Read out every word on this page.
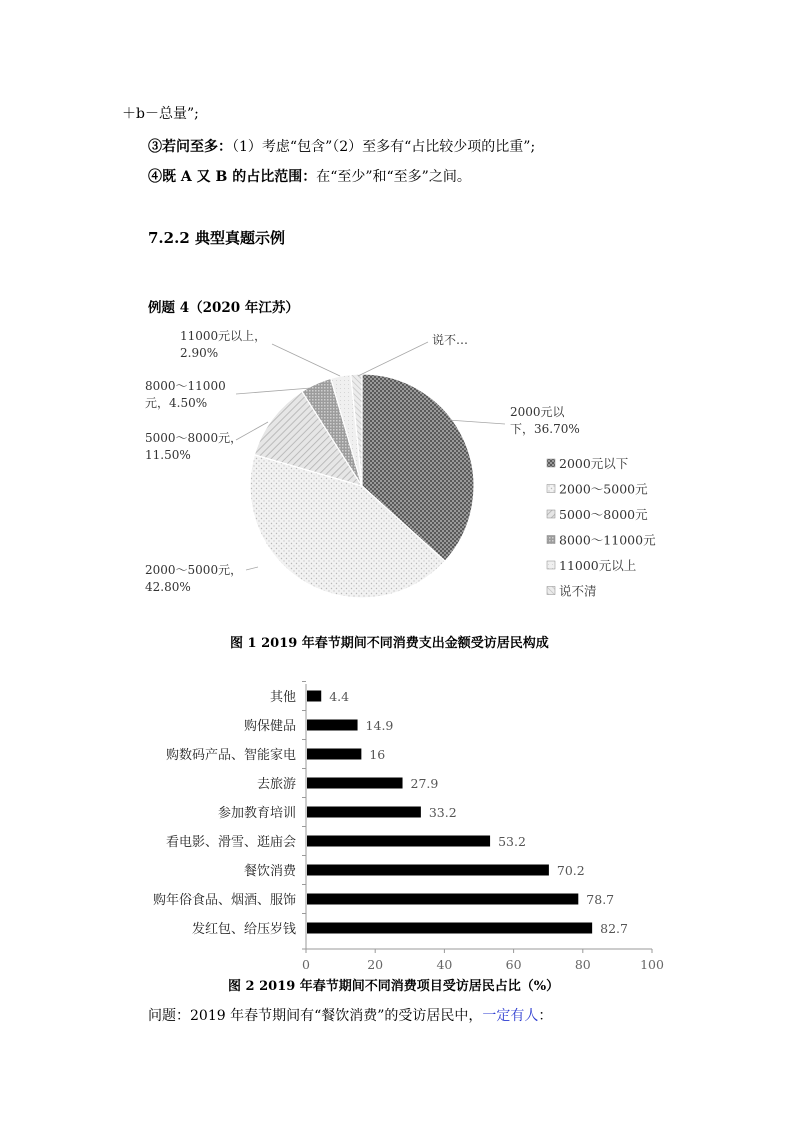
＋b－总量”;
③若问至多：（1）考虑“包含”（2）至多有“占比较少项的比重”;
④既 A 又 B 的占比范围：在“至少”和“至多”之间。
7.2.2 典型真题示例
例题 4（2020 年江苏）
2000元以
下，36.70%
2000～5000元，
42.80%
5000～8000元，
11.50%
8000～11000
元，4.50%
11000元以上，
2.90%
说不…
2000元以下
2000～5000元
5000～8000元
8000～11000元
11000元以上
说不清
图 1 2019 年春节期间不同消费支出金额受访居民构成
其他
购保健品
购数码产品、智能家电
去旅游
参加教育培训
看电影、滑雪、逛庙会
餐饮消费
购年俗食品、烟酒、服饰
发红包、给压岁钱
4.4
14.9
16
27.9
33.2
53.2
70.2
78.7
82.7
0	20	40	60	80	100
图 2 2019 年春节期间不同消费项目受访居民占比（%）
问题：2019 年春节期间有“餐饮消费”的受访居民中，一定有人：
